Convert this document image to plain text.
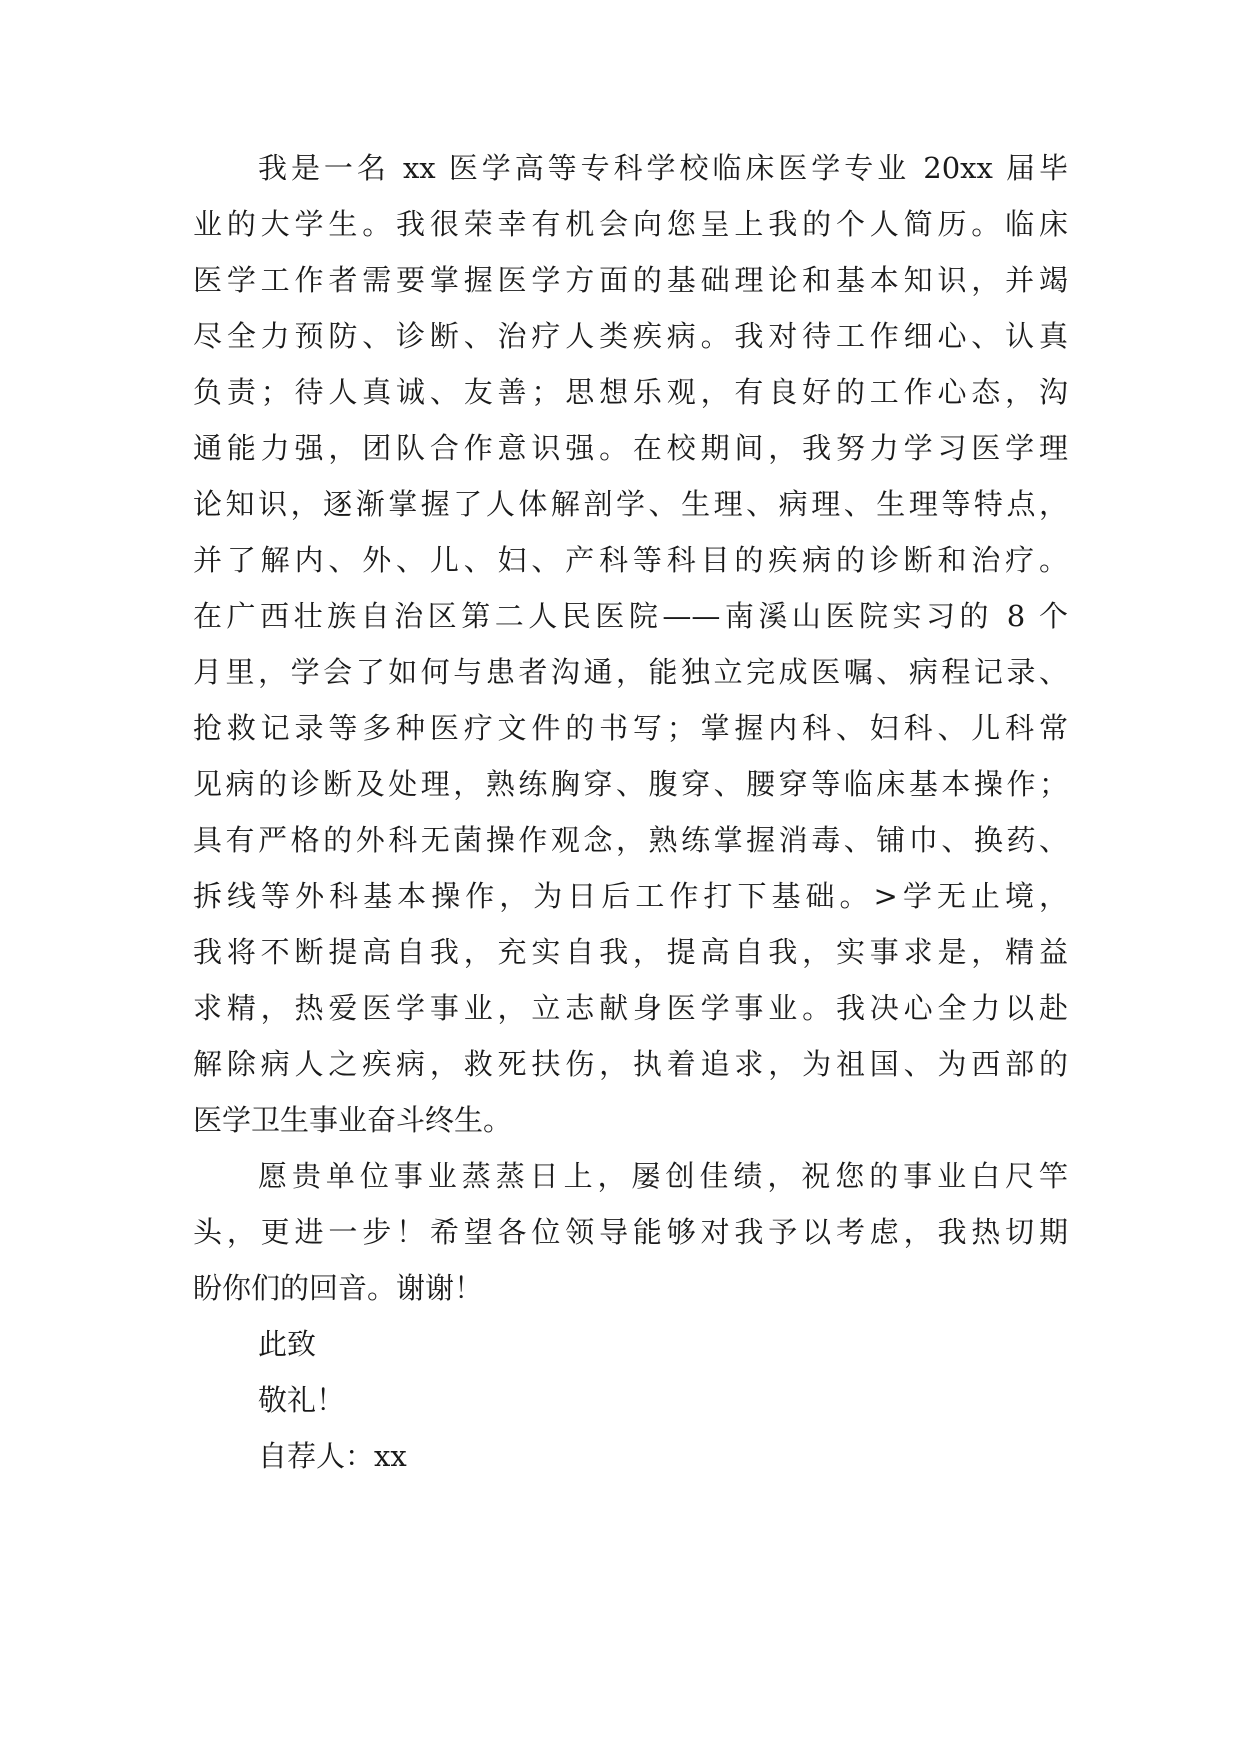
我是一名 xx 医学高等专科学校临床医学专业 20xx 届毕
业的大学生。我很荣幸有机会向您呈上我的个人简历。临床
医学工作者需要掌握医学方面的基础理论和基本知识，并竭
尽全力预防、诊断、治疗人类疾病。我对待工作细心、认真
负责；待人真诚、友善；思想乐观，有良好的工作心态，沟
通能力强，团队合作意识强。在校期间，我努力学习医学理
论知识，逐渐掌握了人体解剖学、生理、病理、生理等特点，
并了解内、外、儿、妇、产科等科目的疾病的诊断和治疗。
在广西壮族自治区第二人民医院——南溪山医院实习的 8 个
月里，学会了如何与患者沟通，能独立完成医嘱、病程记录、
抢救记录等多种医疗文件的书写；掌握内科、妇科、儿科常
见病的诊断及处理，熟练胸穿、腹穿、腰穿等临床基本操作；
具有严格的外科无菌操作观念，熟练掌握消毒、铺巾、换药、
拆线等外科基本操作，为日后工作打下基础。>学无止境，
我将不断提高自我，充实自我，提高自我，实事求是，精益
求精，热爱医学事业，立志献身医学事业。我决心全力以赴
解除病人之疾病，救死扶伤，执着追求，为祖国、为西部的
医学卫生事业奋斗终生。
愿贵单位事业蒸蒸日上，屡创佳绩，祝您的事业白尺竿
头，更进一步！希望各位领导能够对我予以考虑，我热切期
盼你们的回音。谢谢！
此致
敬礼！
自荐人：xx
